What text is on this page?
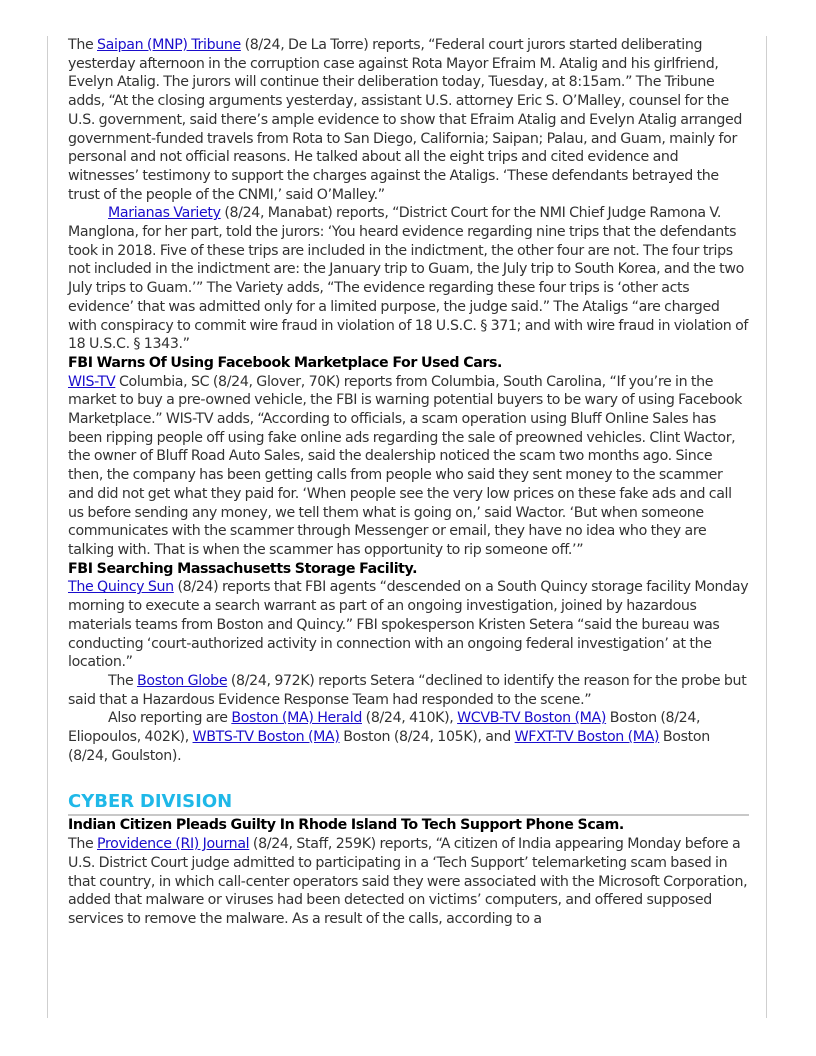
The Saipan (MNP) Tribune (8/24, De La Torre) reports, “Federal court jurors started deliberating yesterday afternoon in the corruption case against Rota Mayor Efraim M. Atalig and his girlfriend, Evelyn Atalig. The jurors will continue their deliberation today, Tuesday, at 8:15am.” The Tribune adds, “At the closing arguments yesterday, assistant U.S. attorney Eric S. O’Malley, counsel for the U.S. government, said there’s ample evidence to show that Efraim Atalig and Evelyn Atalig arranged government-funded travels from Rota to San Diego, California; Saipan; Palau, and Guam, mainly for personal and not official reasons. He talked about all the eight trips and cited evidence and witnesses’ testimony to support the charges against the Ataligs. ‘These defendants betrayed the trust of the people of the CNMI,’ said O’Malley.”

Marianas Variety (8/24, Manabat) reports, “District Court for the NMI Chief Judge Ramona V. Manglona, for her part, told the jurors: ‘You heard evidence regarding nine trips that the defendants took in 2018. Five of these trips are included in the indictment, the other four are not. The four trips not included in the indictment are: the January trip to Guam, the July trip to South Korea, and the two July trips to Guam.’” The Variety adds, “The evidence regarding these four trips is ‘other acts evidence’ that was admitted only for a limited purpose, the judge said.” The Ataligs “are charged with conspiracy to commit wire fraud in violation of 18 U.S.C. § 371; and with wire fraud in violation of 18 U.S.C. § 1343.”

FBI Warns Of Using Facebook Marketplace For Used Cars.

WIS-TV Columbia, SC (8/24, Glover, 70K) reports from Columbia, South Carolina, “If you’re in the market to buy a pre-owned vehicle, the FBI is warning potential buyers to be wary of using Facebook Marketplace.” WIS-TV adds, “According to officials, a scam operation using Bluff Online Sales has been ripping people off using fake online ads regarding the sale of preowned vehicles. Clint Wactor, the owner of Bluff Road Auto Sales, said the dealership noticed the scam two months ago. Since then, the company has been getting calls from people who said they sent money to the scammer and did not get what they paid for. ‘When people see the very low prices on these fake ads and call us before sending any money, we tell them what is going on,’ said Wactor. ‘But when someone communicates with the scammer through Messenger or email, they have no idea who they are talking with. That is when the scammer has opportunity to rip someone off.’”

FBI Searching Massachusetts Storage Facility.

The Quincy Sun (8/24) reports that FBI agents “descended on a South Quincy storage facility Monday morning to execute a search warrant as part of an ongoing investigation, joined by hazardous materials teams from Boston and Quincy.” FBI spokesperson Kristen Setera “said the bureau was conducting ‘court-authorized activity in connection with an ongoing federal investigation’ at the location.”

The Boston Globe (8/24, 972K) reports Setera “declined to identify the reason for the probe but said that a Hazardous Evidence Response Team had responded to the scene.”

Also reporting are Boston (MA) Herald (8/24, 410K), WCVB-TV Boston (MA) Boston (8/24, Eliopoulos, 402K), WBTS-TV Boston (MA) Boston (8/24, 105K), and WFXT-TV Boston (MA) Boston (8/24, Goulston).

CYBER DIVISION
Indian Citizen Pleads Guilty In Rhode Island To Tech Support Phone Scam.

The Providence (RI) Journal (8/24, Staff, 259K) reports, “A citizen of India appearing Monday before a U.S. District Court judge admitted to participating in a ‘Tech Support’ telemarketing scam based in that country, in which call-center operators said they were associated with the Microsoft Corporation, added that malware or viruses had been detected on victims’ computers, and offered supposed services to remove the malware. As a result of the calls, according to a
